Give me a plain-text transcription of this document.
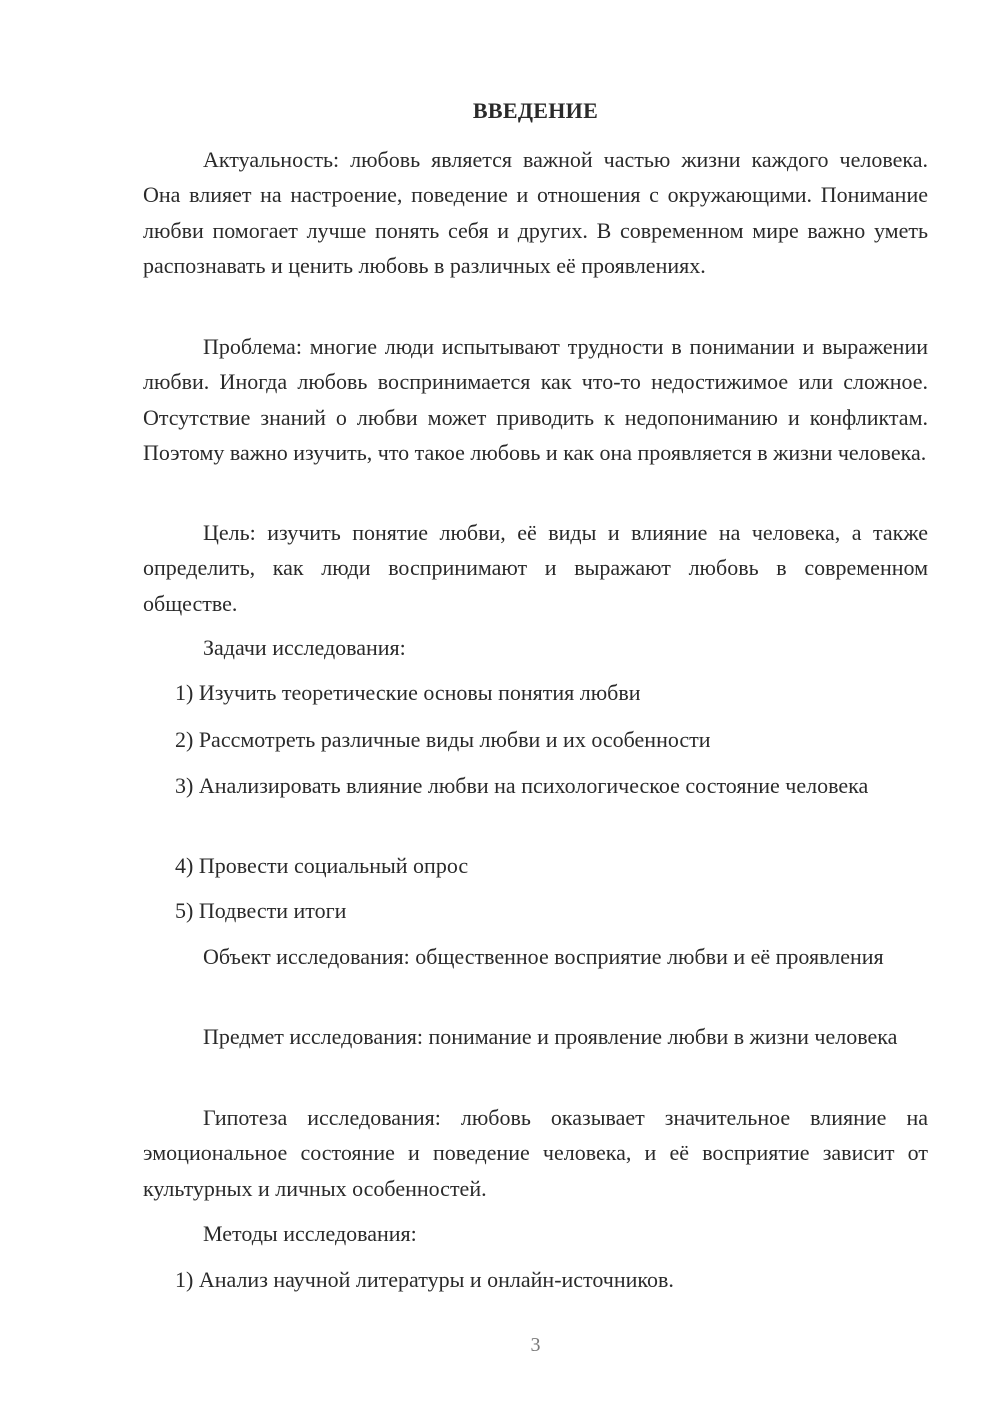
ВВЕДЕНИЕ

Актуальность: любовь является важной частью жизни каждого человека. Она влияет на настроение, поведение и отношения с окружающими. Понимание любви помогает лучше понять себя и других. В современном мире важно уметь распознавать и ценить любовь в различных её проявлениях.

Проблема: многие люди испытывают трудности в понимании и выражении любви. Иногда любовь воспринимается как что-то недостижимое или сложное. Отсутствие знаний о любви может приводить к недопониманию и конфликтам. Поэтому важно изучить, что такое любовь и как она проявляется в жизни человека.

Цель: изучить понятие любви, её виды и влияние на человека, а также определить, как люди воспринимают и выражают любовь в современном обществе.

Задачи исследования:

1) Изучить теоретические основы понятия любви

2) Рассмотреть различные виды любви и их особенности

3) Анализировать влияние любви на психологическое состояние человека

4) Провести социальный опрос

5) Подвести итоги

Объект исследования: общественное восприятие любви и её проявления

Предмет исследования: понимание и проявление любви в жизни человека

Гипотеза исследования: любовь оказывает значительное влияние на эмоциональное состояние и поведение человека, и её восприятие зависит от культурных и личных особенностей.

Методы исследования:

1) Анализ научной литературы и онлайн-источников.

3
